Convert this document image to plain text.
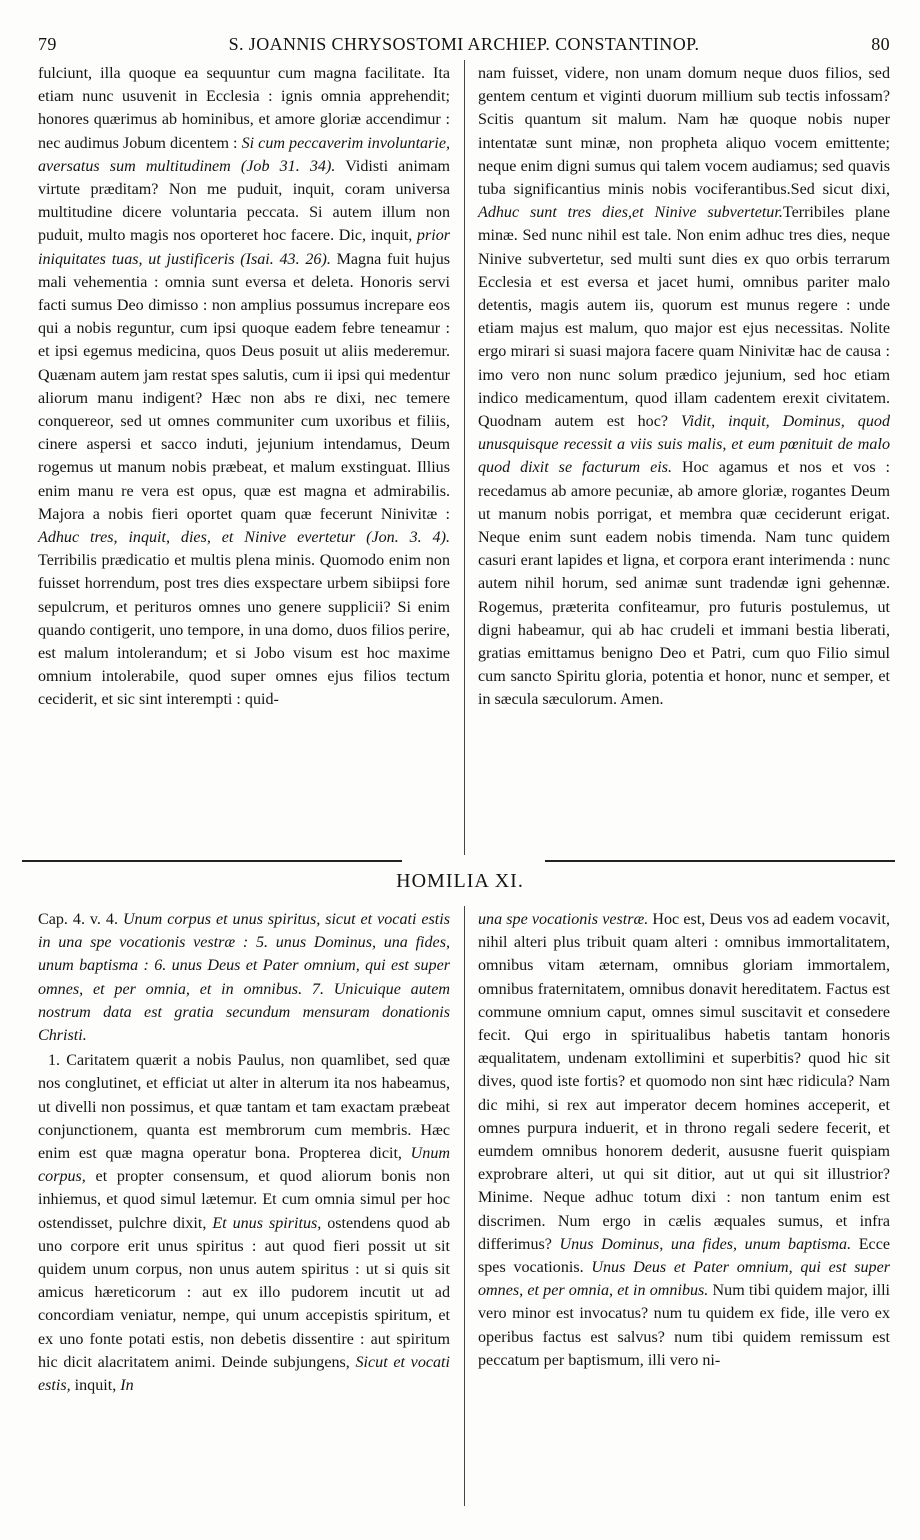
79	S. JOANNIS CHRYSOSTOMI ARCHIEP. CONSTANTINOP.	80

fulciunt, illa quoque ea sequuntur cum magna facilitate. Ita etiam nunc usuvenit in Ecclesia : ignis omnia apprehendit; honores quærimus ab hominibus, et amore gloriæ accendimur : nec audimus Jobum dicentem : Si cum peccaverim involuntarie, aversatus sum multitudinem (Job 31. 34). Vidisti animam virtute præditam? Non me puduit, inquit, coram universa multitudine dicere voluntaria peccata. Si autem illum non puduit, multo magis nos oporteret hoc facere. Dic, inquit, prior iniquitates tuas, ut justificeris (Isai. 43. 26). Magna fuit hujus mali vehementia : omnia sunt eversa et deleta. Honoris servi facti sumus Deo dimisso : non amplius possumus increpare eos qui a nobis reguntur, cum ipsi quoque eadem febre teneamur : et ipsi egemus medicina, quos Deus posuit ut aliis mederemur. Quænam autem jam restat spes salutis, cum ii ipsi qui medentur aliorum manu indigent? Hæc non abs re dixi, nec temere conquereor, sed ut omnes communiter cum uxoribus et filiis, cinere aspersi et sacco induti, jejunium intendamus, Deum rogemus ut manum nobis præbeat, et malum exstinguat. Illius enim manu re vera est opus, quæ est magna et admirabilis. Majora a nobis fieri oportet quam quæ fecerunt Ninivitæ : Adhuc tres, inquit, dies, et Ninive evertetur (Jon. 3. 4). Terribilis prædicatio et multis plena minis. Quomodo enim non fuisset horrendum, post tres dies exspectare urbem sibiipsi fore sepulcrum, et perituros omnes uno genere supplicii? Si enim quando contigerit, uno tempore, in una domo, duos filios perire, est malum intolerandum; et si Jobo visum est hoc maxime omnium intolerabile, quod super omnes ejus filios tectum ceciderit, et sic sint interempti : quid-

nam fuisset, videre, non unam domum neque duos filios, sed gentem centum et viginti duorum millium sub tectis infossam? Scitis quantum sit malum. Nam hæ quoque nobis nuper intentatæ sunt minæ, non prophetа aliquo vocem emittente; neque enim digni sumus qui talem vocem audiamus; sed quavis tuba significantius minis nobis vociferantibus.Sed sicut dixi, Adhuc sunt tres dies,et Ninive subvertetur.Terribiles plane minæ. Sed nunc nihil est tale. Non enim adhuc tres dies, neque Ninive subvertetur, sed multi sunt dies ex quo orbis terrarum Ecclesia et est eversa et jacet humi, omnibus pariter malo detentis, magis autem iis, quorum est munus regere : unde etiam majus est malum, quo major est ejus necessitas. Nolite ergo mirari si suasi majora facere quam Ninivitæ hac de causa : imo vero non nunc solum prædico jejunium, sed hoc etiam indico medicamentum, quod illam cadentem erexit civitatem. Quodnam autem est hoc? Vidit, inquit, Dominus, quod unusquisque recessit a viis suis malis, et eum pœnituit de malo quod dixit se facturum eis. Hoc agamus et nos et vos : recedamus ab amore pecuniæ, ab amore gloriæ, rogantes Deum ut manum nobis porrigat, et membra quæ ceciderunt erigat. Neque enim sunt eadem nobis timenda. Nam tunc quidem casuri erant lapides et ligna, et corpora erant interimenda : nunc autem nihil horum, sed animæ sunt tradendæ igni gehennæ. Rogemus, præterita confiteamur, pro futuris postulemus, ut digni habeamur, qui ab hac crudeli et immani bestia liberati, gratias emittamus benigno Deo et Patri, cum quo Filio simul cum sancto Spiritu gloria, potentia et honor, nunc et semper, et in sæcula sæculorum. Amen.

HOMILIA XI.

Cap. 4. v. 4. Unum corpus et unus spiritus, sicut et vocati estis in una spe vocationis vestræ : 5. unus Dominus, una fides, unum baptisma : 6. unus Deus et Pater omnium, qui est super omnes, et per omnia, et in omnibus. 7. Unicuique autem nostrum data est gratia secundum mensuram donationis Christi.

1. Caritatem quærit a nobis Paulus, non quamlibet, sed quæ nos conglutinet, et efficiat ut alter in alterum ita nos habeamus, ut divelli non possimus, et quæ tantam et tam exactam præbeat conjunctionem, quanta est membrorum cum membris. Hæc enim est quæ magna operatur bona. Propterea dicit, Unum corpus, et propter consensum, et quod aliorum bonis non inhiemus, et quod simul lætemur. Et cum omnia simul per hoc ostendisset, pulchre dixit, Et unus spiritus, ostendens quod ab uno corpore erit unus spiritus : aut quod fieri possit ut sit quidem unum corpus, non unus autem spiritus : ut si quis sit amicus hæreticorum : aut ex illo pudorem incutit ut ad concordiam veniatur, nempe, qui unum accepistis spiritum, et ex uno fonte potati estis, non debetis dissentire : aut spiritum hic dicit alacritatem animi. Deinde subjungens, Sicut et vocati estis, inquit, In

una spe vocationis vestræ. Hoc est, Deus vos ad eadem vocavit, nihil alteri plus tribuit quam alteri : omnibus immortalitatem, omnibus vitam æternam, omnibus gloriam immortalem, omnibus fraternitatem, omnibus donavit hereditatem. Factus est commune omnium caput, omnes simul suscitavit et consedere fecit. Qui ergo in spiritualibus habetis tantam honoris æqualitatem, undenam extollimini et superbitis? quod hic sit dives, quod iste fortis? et quomodo non sint hæc ridicula? Nam dic mihi, si rex aut imperator decem homines acceperit, et omnes purpura induerit, et in throno regali sedere fecerit, et eumdem omnibus honorem dederit, aususne fuerit quispiam exprobrare alteri, ut qui sit ditior, aut ut qui sit illustrior? Minime. Neque adhuc totum dixi : non tantum enim est discrimen. Num ergo in cælis æquales sumus, et infra differimus? Unus Dominus, una fides, unum baptisma. Ecce spes vocationis. Unus Deus et Pater omnium, qui est super omnes, et per omnia, et in omnibus. Num tibi quidem major, illi vero minor est invocatus? num tu quidem ex fide, ille vero ex operibus factus est salvus? num tibi quidem remissum est peccatum per baptismum, illi vero ni-
